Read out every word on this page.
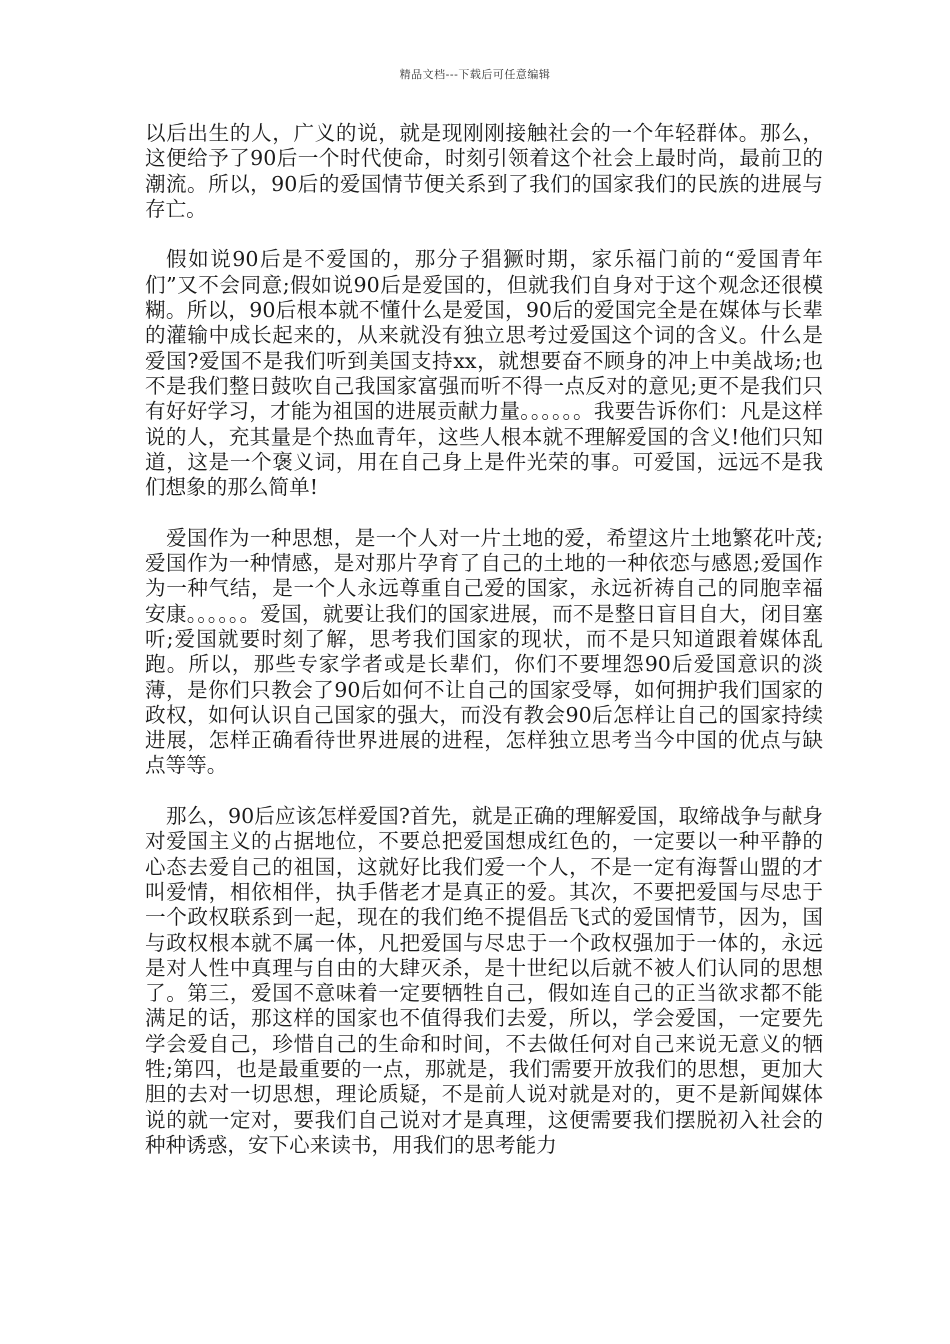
精品文档---下载后可任意编辑

以后出生的人，广义的说，就是现刚刚接触社会的一个年轻群体。那么，这便给予了90后一个时代使命，时刻引领着这个社会上最时尚，最前卫的潮流。所以，90后的爱国情节便关系到了我们的国家我们的民族的进展与存亡。

假如说90后是不爱国的，那分子猖獗时期，家乐福门前的“爱国青年们”又不会同意;假如说90后是爱国的，但就我们自身对于这个观念还很模糊。所以，90后根本就不懂什么是爱国，90后的爱国完全是在媒体与长辈的灌输中成长起来的，从来就没有独立思考过爱国这个词的含义。什么是爱国?爱国不是我们听到美国支持xx，就想要奋不顾身的冲上中美战场;也不是我们整日鼓吹自己我国家富强而听不得一点反对的意见;更不是我们只有好好学习，才能为祖国的进展贡献力量。。。。。。我要告诉你们：凡是这样说的人，充其量是个热血青年，这些人根本就不理解爱国的含义!他们只知道，这是一个褒义词，用在自己身上是件光荣的事。可爱国，远远不是我们想象的那么简单!

爱国作为一种思想，是一个人对一片土地的爱，希望这片土地繁花叶茂;爱国作为一种情感，是对那片孕育了自己的土地的一种依恋与感恩;爱国作为一种气结，是一个人永远尊重自己爱的国家，永远祈祷自己的同胞幸福安康。。。。。。爱国，就要让我们的国家进展，而不是整日盲目自大，闭目塞听;爱国就要时刻了解，思考我们国家的现状，而不是只知道跟着媒体乱跑。所以，那些专家学者或是长辈们，你们不要埋怨90后爱国意识的淡薄，是你们只教会了90后如何不让自己的国家受辱，如何拥护我们国家的政权，如何认识自己国家的强大，而没有教会90后怎样让自己的国家持续进展，怎样正确看待世界进展的进程，怎样独立思考当今中国的优点与缺点等等。

那么，90后应该怎样爱国?首先，就是正确的理解爱国，取缔战争与献身对爱国主义的占据地位，不要总把爱国想成红色的，一定要以一种平静的心态去爱自己的祖国，这就好比我们爱一个人，不是一定有海誓山盟的才叫爱情，相依相伴，执手偕老才是真正的爱。其次，不要把爱国与尽忠于一个政权联系到一起，现在的我们绝不提倡岳飞式的爱国情节，因为，国与政权根本就不属一体，凡把爱国与尽忠于一个政权强加于一体的，永远是对人性中真理与自由的大肆灭杀，是十世纪以后就不被人们认同的思想了。第三，爱国不意味着一定要牺牲自己，假如连自己的正当欲求都不能满足的话，那这样的国家也不值得我们去爱，所以，学会爱国，一定要先学会爱自己，珍惜自己的生命和时间，不去做任何对自己来说无意义的牺牲;第四，也是最重要的一点，那就是，我们需要开放我们的思想，更加大胆的去对一切思想，理论质疑，不是前人说对就是对的，更不是新闻媒体说的就一定对，要我们自己说对才是真理，这便需要我们摆脱初入社会的种种诱惑，安下心来读书，用我们的思考能力
